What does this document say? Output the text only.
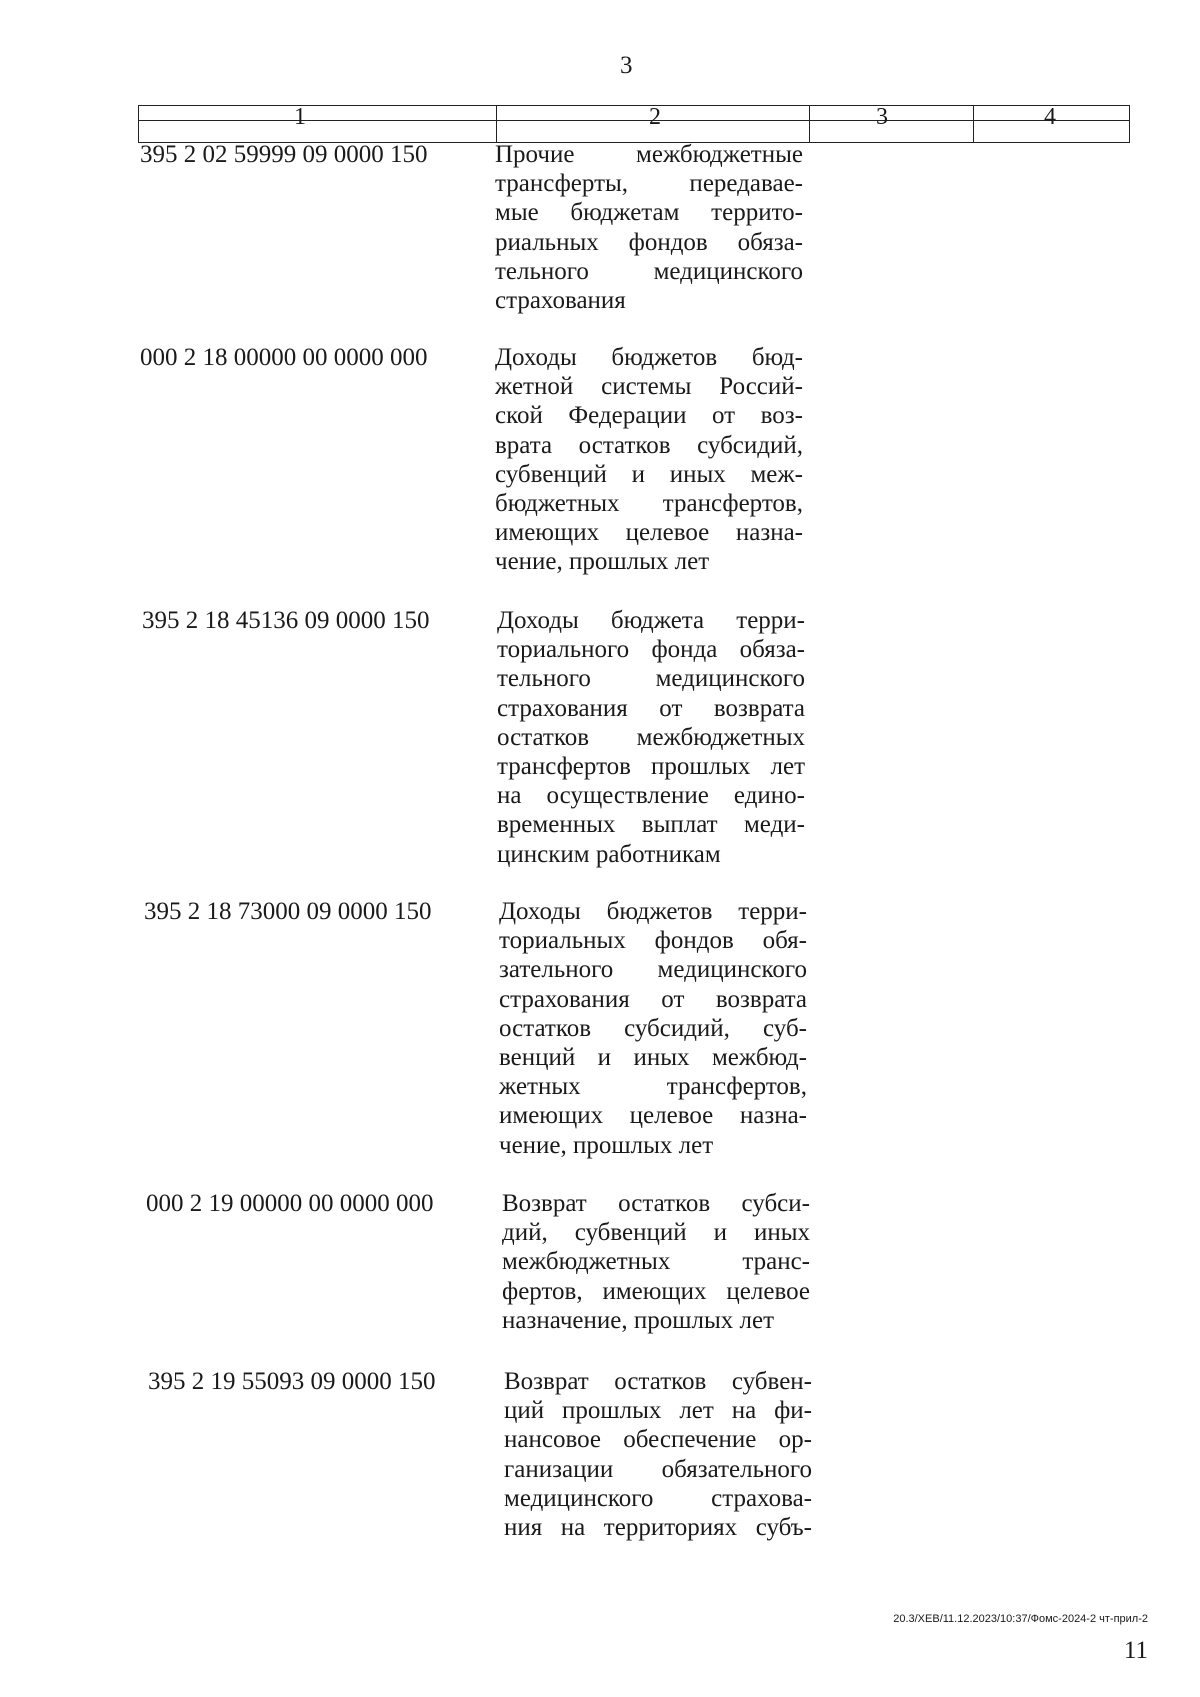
3
1	2	3	4
395 2 02 59999 09 0000 150	Прочие межбюджетные
трансферты, передавае-
мые бюджетам террито-
риальных фондов обяза-
тельного медицинского
страхования
000 2 18 00000 00 0000 000	Доходы бюджетов бюд-
жетной системы Россий-
ской Федерации от воз-
врата остатков субсидий,
субвенций и иных меж-
бюджетных трансфертов,
имеющих целевое назна-
чение, прошлых лет
395 2 18 45136 09 0000 150	Доходы бюджета терри-
ториального фонда обяза-
тельного медицинского
страхования от возврата
остатков межбюджетных
трансфертов прошлых лет
на осуществление едино-
временных выплат меди-
цинским работникам
395 2 18 73000 09 0000 150	Доходы бюджетов терри-
ториальных фондов обя-
зательного медицинского
страхования от возврата
остатков субсидий, суб-
венций и иных межбюд-
жетных трансфертов,
имеющих целевое назна-
чение, прошлых лет
000 2 19 00000 00 0000 000	Возврат остатков субси-
дий, субвенций и иных
межбюджетных транс-
фертов, имеющих целевое
назначение, прошлых лет
395 2 19 55093 09 0000 150	Возврат остатков субвен-
ций прошлых лет на фи-
нансовое обеспечение ор-
ганизации обязательного
медицинского страхова-
ния на территориях субъ-
20.3/ХЕВ/11.12.2023/10:37/Фомс-2024-2 чт-прил-2
11
